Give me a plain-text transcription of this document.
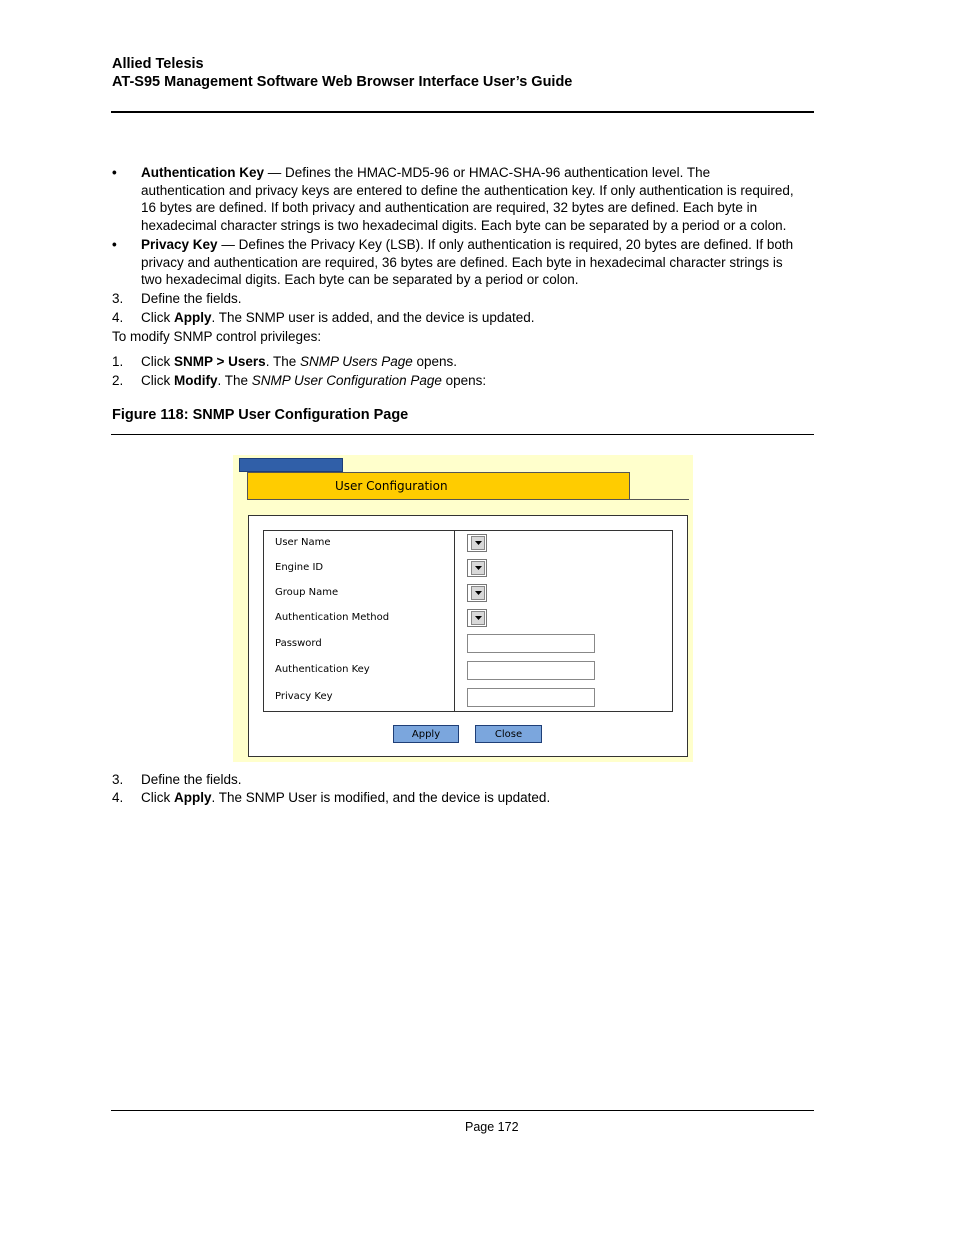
Allied Telesis
AT-S95 Management Software Web Browser Interface User’s Guide
• Authentication Key — Defines the HMAC-MD5-96 or HMAC-SHA-96 authentication level. The
authentication and privacy keys are entered to define the authentication key. If only authentication is required,
16 bytes are defined. If both privacy and authentication are required, 32 bytes are defined. Each byte in
hexadecimal character strings is two hexadecimal digits. Each byte can be separated by a period or a colon.
• Privacy Key — Defines the Privacy Key (LSB). If only authentication is required, 20 bytes are defined. If both
privacy and authentication are required, 36 bytes are defined. Each byte in hexadecimal character strings is
two hexadecimal digits. Each byte can be separated by a period or colon.
3. Define the fields.
4. Click Apply. The SNMP user is added, and the device is updated.
To modify SNMP control privileges:
1. Click SNMP > Users. The SNMP Users Page opens.
2. Click Modify. The SNMP User Configuration Page opens:
Figure 118: SNMP User Configuration Page
User Configuration
User Name
Engine ID
Group Name
Authentication Method
Password
Authentication Key
Privacy Key
Apply	Close
3. Define the fields.
4. Click Apply. The SNMP User is modified, and the device is updated.
Page 172
